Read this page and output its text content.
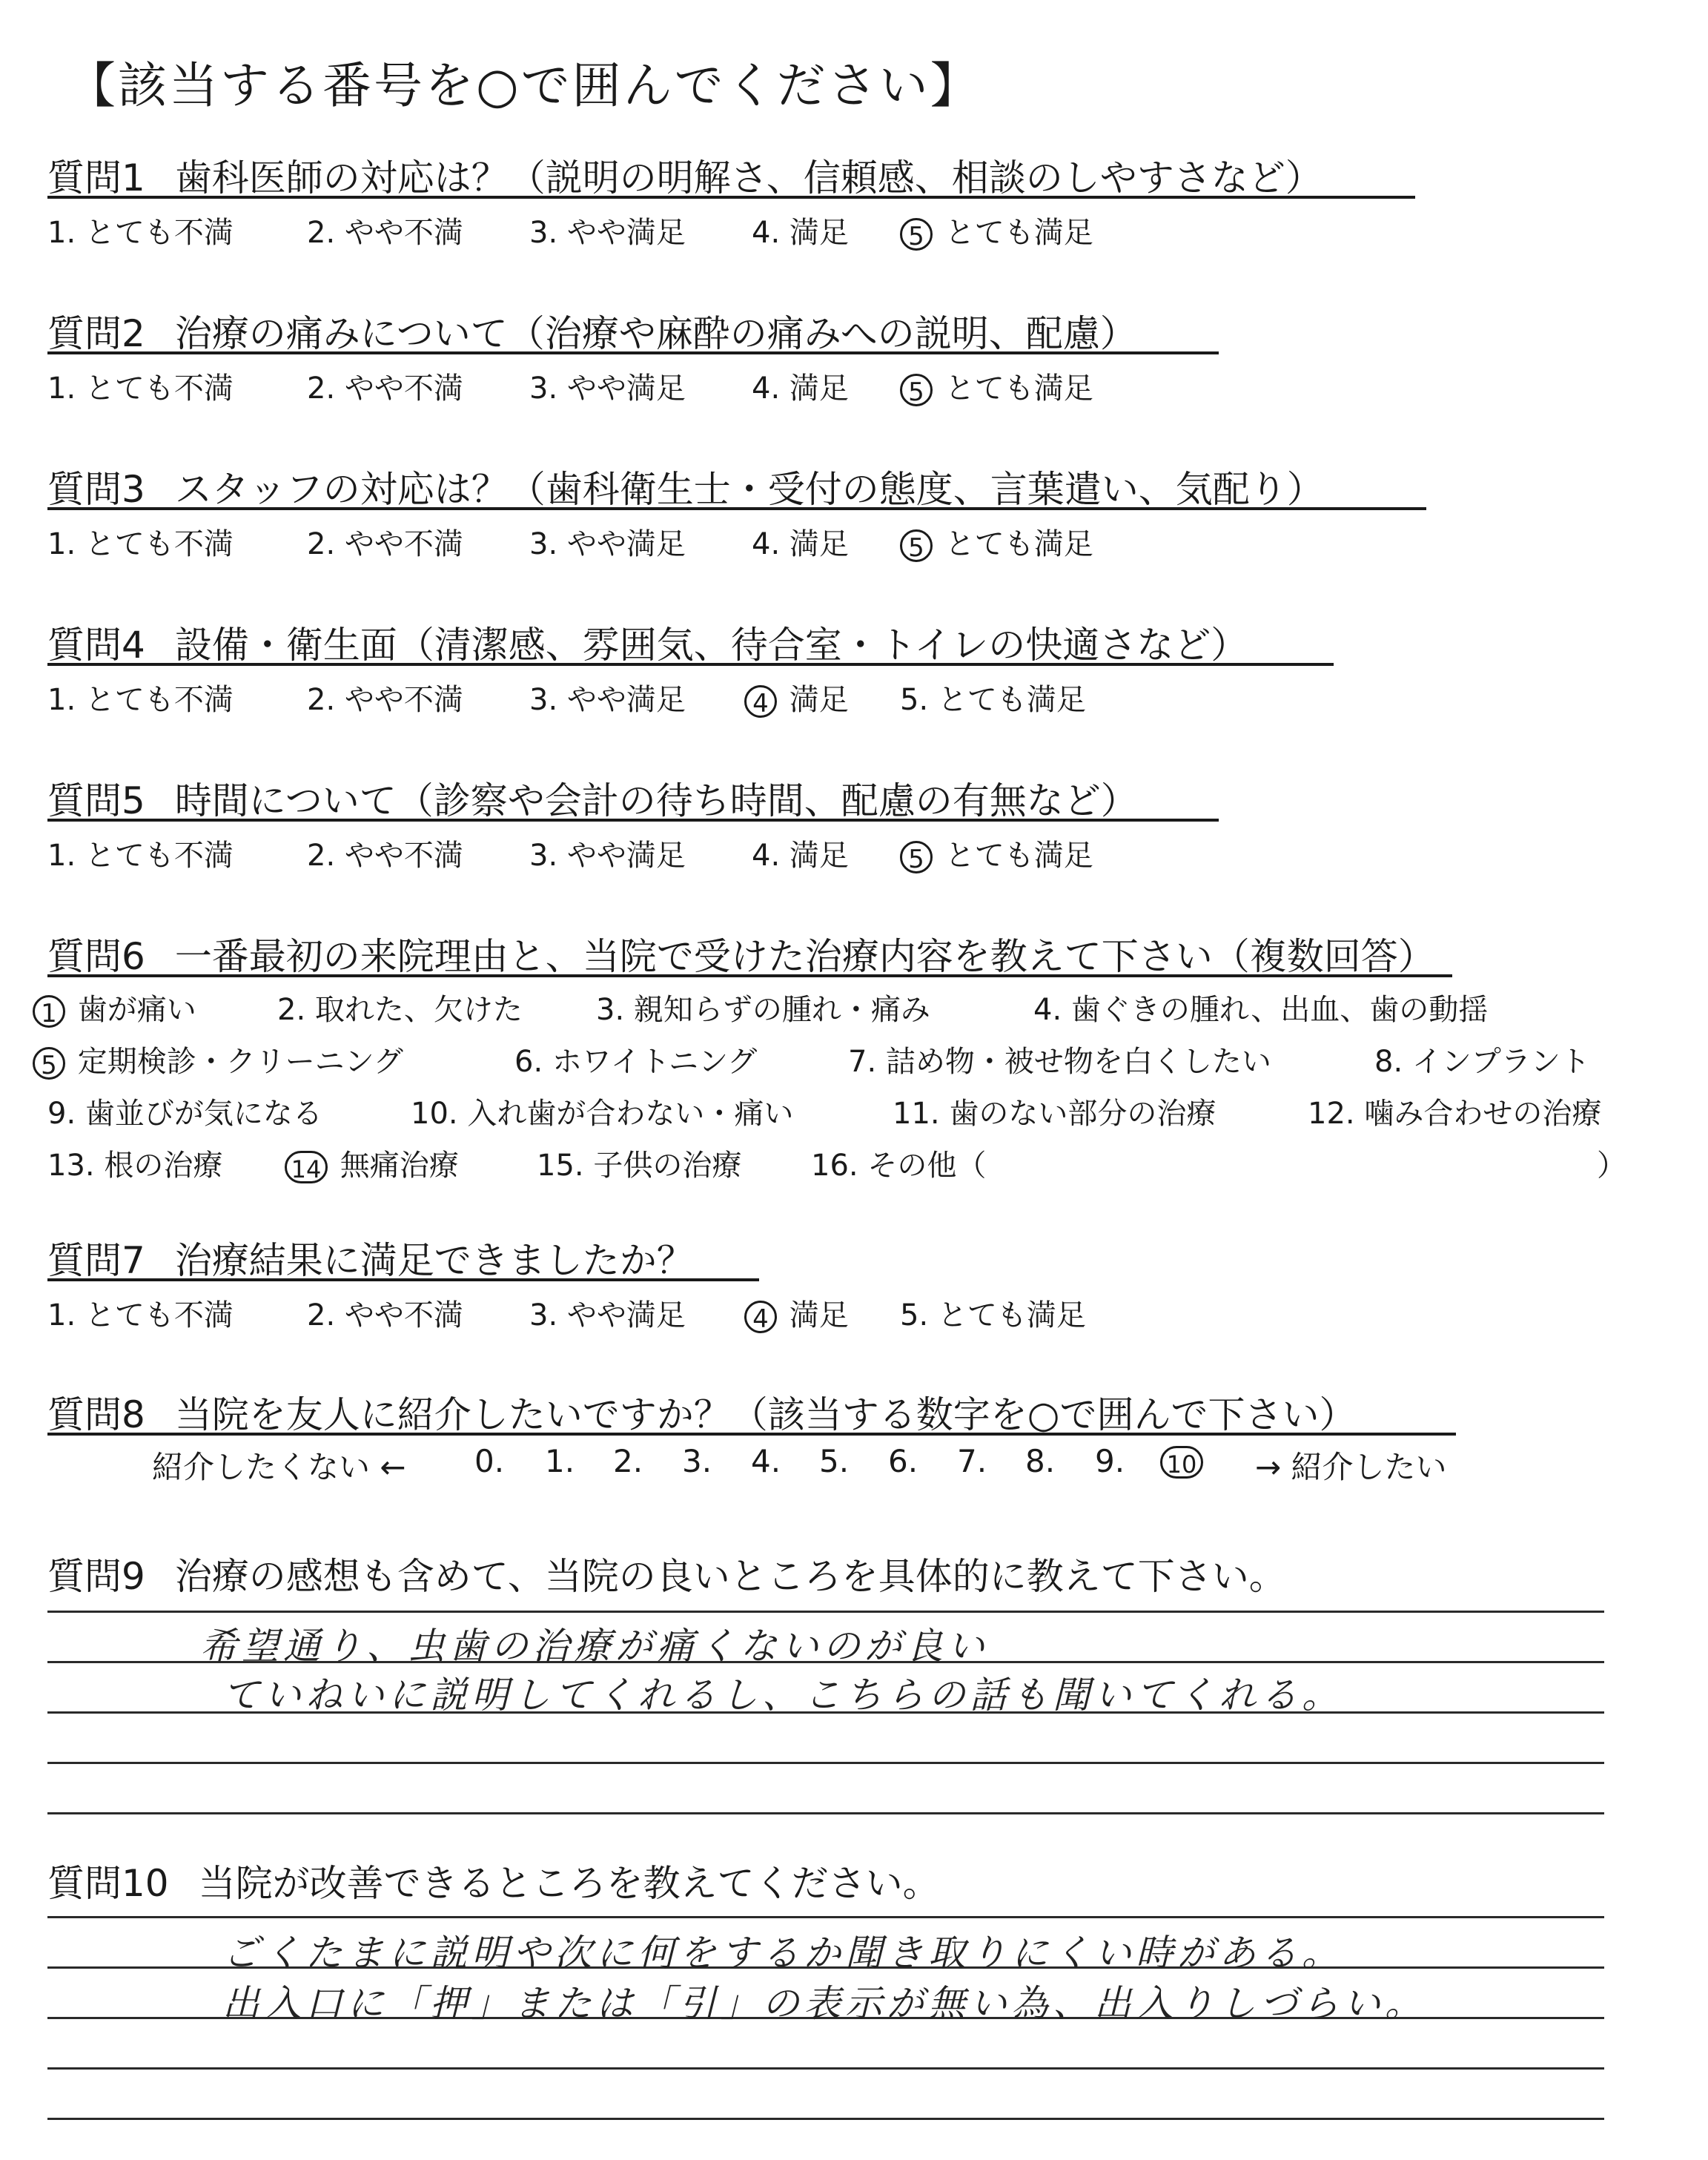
【該当する番号を○で囲んでください】
質問1 歯科医師の対応は？（説明の明解さ、信頼感、相談のしやすさなど）
1. とても不満 2. やや不満 3. やや満足 4. 満足	5 とても満足
質問2 治療の痛みについて（治療や麻酔の痛みへの説明、配慮）
1. とても不満 2. やや不満 3. やや満足 4. 満足	5 とても満足
質問3 スタッフの対応は？（歯科衛生士・受付の態度、言葉遣い、気配り）
1. とても不満 2. やや不満 3. やや満足 4. 満足	5 とても満足
質問4 設備・衛生面（清潔感、雰囲気、待合室・トイレの快適さなど）
1. とても不満 2. やや不満 3. やや満足	4 満足 5. とても満足
質問5 時間について（診察や会計の待ち時間、配慮の有無など）
1. とても不満 2. やや不満 3. やや満足 4. 満足	5 とても満足
質問6 一番最初の来院理由と、当院で受けた治療内容を教えて下さい（複数回答）
1 歯が痛い	2. 取れた、欠けた 3. 親知らずの腫れ・痛み	4. 歯ぐきの腫れ、出血、歯の動揺
5 定期検診・クリーニング	6. ホワイトニング	7. 詰め物・被せ物を白くしたい	8. インプラント
9. 歯並びが気になる	10. 入れ歯が合わない・痛い	11. 歯のない部分の治療	12. 噛み合わせの治療
13. 根の治療	14 無痛治療	15. 子供の治療 16. その他（	）
質問7 治療結果に満足できましたか？
1. とても不満 2. やや不満 3. やや満足	4 満足 5. とても満足
質問8 当院を友人に紹介したいですか？（該当する数字を○で囲んで下さい）
紹介したくない ← 0. 1. 2. 3. 4. 5. 6. 7. 8. 9. 10	→ 紹介したい
質問9 治療の感想も含めて、当院の良いところを具体的に教えて下さい。
希望通り、虫歯の治療が痛くないのが良い
ていねいに説明してくれるし、こちらの話も聞いてくれる。
質問10 当院が改善できるところを教えてください。
ごくたまに説明や次に何をするか聞き取りにくい時がある。
出入口に「押」または「引」の表示が無い為、出入りしづらい。
